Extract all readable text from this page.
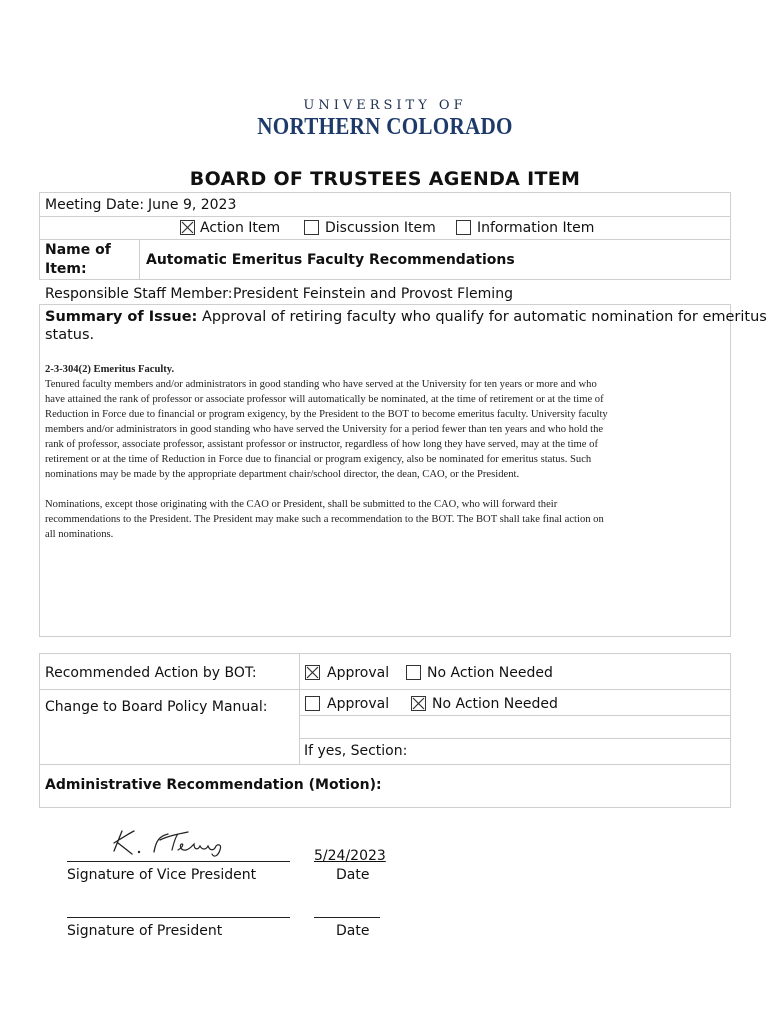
UNIVERSITY OF
NORTHERN COLORADO
BOARD OF TRUSTEES AGENDA ITEM
Meeting Date: June 9, 2023
Action Item	Discussion Item	Information Item
Name of
Item:
Automatic Emeritus Faculty Recommendations
Responsible Staff Member: President Feinstein and Provost Fleming
Summary of Issue: Approval of retiring faculty who qualify for automatic nomination for emeritus
status.
2-3-304(2) Emeritus Faculty.
Tenured faculty members and/or administrators in good standing who have served at the University for ten years or more and who
have attained the rank of professor or associate professor will automatically be nominated, at the time of retirement or at the time of
Reduction in Force due to financial or program exigency, by the President to the BOT to become emeritus faculty. University faculty
members and/or administrators in good standing who have served the University for a period fewer than ten years and who hold the
rank of professor, associate professor, assistant professor or instructor, regardless of how long they have served, may at the time of
retirement or at the time of Reduction in Force due to financial or program exigency, also be nominated for emeritus status. Such
nominations may be made by the appropriate department chair/school director, the dean, CAO, or the President.
Nominations, except those originating with the CAO or President, shall be submitted to the CAO, who will forward their
recommendations to the President. The President may make such a recommendation to the BOT. The BOT shall take final action on
all nominations.
Recommended Action by BOT:	Approval	No Action Needed
Change to Board Policy Manual:	Approval	No Action Needed
If yes, Section:
Administrative Recommendation (Motion):
Signature of Vice President
5/24/2023
Date
Signature of President	Date
